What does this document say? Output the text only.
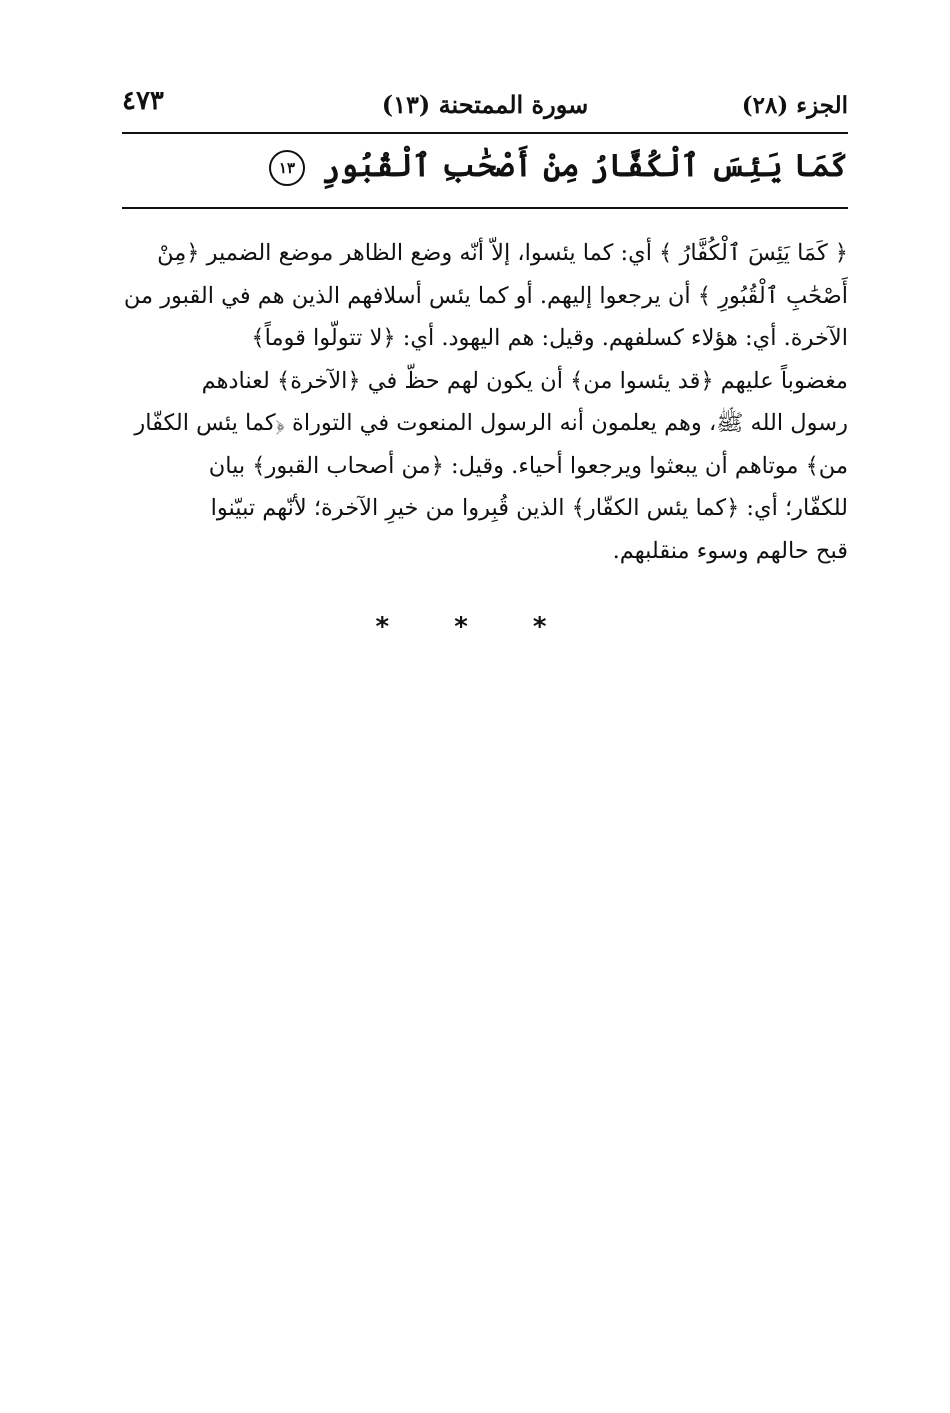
الجزء (٢٨)
سورة الممتحنة (١٣)
٤٧٣
كَمَا يَئِسَ ٱلْكُفَّارُ مِنْ أَصْحَٰبِ ٱلْقُبُورِ ١٣
﴿ كَمَا يَئِسَ ٱلْكُفَّارُ ﴾ أي: كما يئسوا، إلاّ أنّه وضع الظاهر موضع الضمير ﴿مِنْ
أَصْحَٰبِ ٱلْقُبُورِ ﴾ أن يرجعوا إليهم. أو كما يئس أسلافهم الذين هم في القبور من
الآخرة. أي: هؤلاء كسلفهم. وقيل: هم اليهود. أي: ﴿لا تتولّوا قوماً﴾
مغضوباً عليهم ﴿قد يئسوا من﴾ أن يكون لهم حظّ في ﴿الآخرة﴾ لعنادهم
رسول الله ﷺ، وهم يعلمون أنه الرسول المنعوت في التوراة ﴿كما يئس الكفّار
من﴾ موتاهم أن يبعثوا ويرجعوا أحياء. وقيل: ﴿من أصحاب القبور﴾ بيان
للكفّار؛ أي: ﴿كما يئس الكفّار﴾ الذين قُبِروا من خيرِ الآخرة؛ لأنّهم تبيّنوا
قبح حالهم وسوء منقلبهم.
* * *
